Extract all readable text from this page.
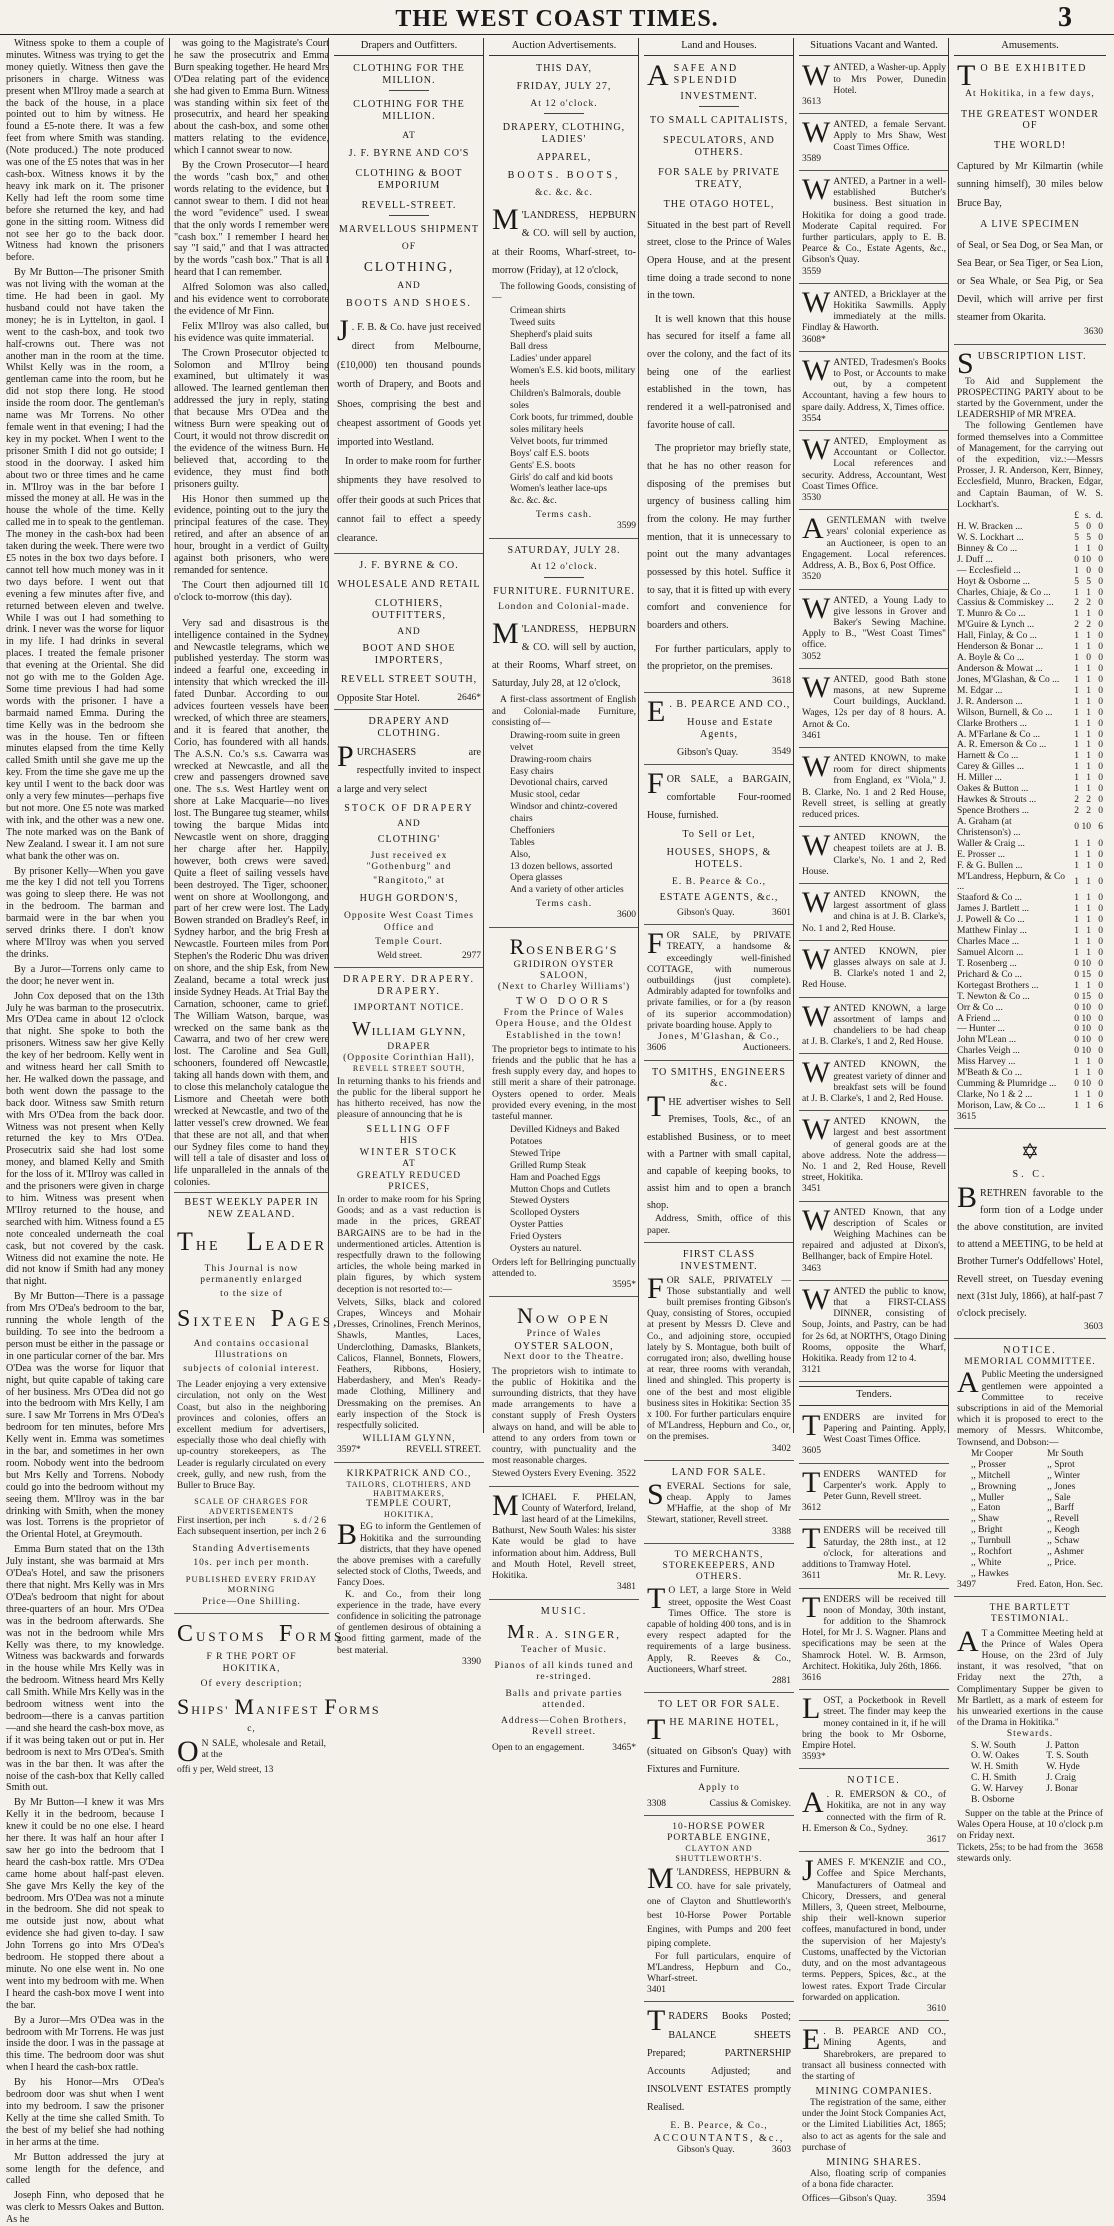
THE WEST COAST TIMES.	3

Witness spoke to them a couple of minutes. Witness was trying to get the money quietly. Witness then gave the prisoners in charge. Witness was present when M'Ilroy made a search at the back of the house, in a place pointed out to him by witness. He found a £5-note there. It was a few feet from where Smith was standing. (Note produced.) The note produced was one of the £5 notes that was in her cash-box. Witness knows it by the heavy ink mark on it. The prisoner Kelly had left the room some time before she returned the key, and had gone in the sitting room. Witness did not see her go to the back door. Witness had known the prisoners before.

By Mr Button—The prisoner Smith was not living with the woman at the time. He had been in gaol. My husband could not have taken the money; he is in Lyttelton, in gaol. I went to the cash-box, and took two half-crowns out. There was not another man in the room at the time. Whilst Kelly was in the room, a gentleman came into the room, but he did not stop there long. He stood inside the room door. The gentleman's name was Mr Torrens. No other female went in that evening; I had the key in my pocket. When I went to the prisoner Smith I did not go outside; I stood in the doorway. I asked him about two or three times and he came in. M'Ilroy was in the bar before I missed the money at all. He was in the house the whole of the time. Kelly called me in to speak to the gentleman. The money in the cash-box had been taken during the week. There were two £5 notes in the box two days before. I cannot tell how much money was in it two days before. I went out that evening a few minutes after five, and returned between eleven and twelve. While I was out I had something to drink. I never was the worse for liquor in my life. I had drinks in several places. I treated the female prisoner that evening at the Oriental. She did not go with me to the Golden Age. Some time previous I had had some words with the prisoner. I have a barmaid named Emma. During the time Kelly was in the bedroom she was in the house. Ten or fifteen minutes elapsed from the time Kelly called Smith until she gave me up the key. From the time she gave me up the key until I went to the back door was only a very few minutes—perhaps five but not more. One £5 note was marked with ink, and the other was a new one. The note marked was on the Bank of New Zealand. I swear it. I am not sure what bank the other was on.

By prisoner Kelly—When you gave me the key I did not tell you Torrens was going to sleep there. He was not in the bedroom. The barman and barmaid were in the bar when you served drinks there. I don't know where M'Ilroy was when you served the drinks.

By a Juror—Torrens only came to the door; he never went in.

John Cox deposed that on the 13th July he was barman to the prosecutrix. Mrs O'Dea came in about 12 o'clock that night. She spoke to both the prisoners. Witness saw her give Kelly the key of her bedroom. Kelly went in and witness heard her call Smith to her. He walked down the passage, and both went down the passage to the back door. Witness saw Smith return with Mrs O'Dea from the back door. Witness was not present when Kelly returned the key to Mrs O'Dea. Prosecutrix said she had lost some money, and blamed Kelly and Smith for the loss of it. M'Ilroy was called in and the prisoners were given in charge to him. Witness was present when M'Ilroy returned to the house, and searched with him. Witness found a £5 note concealed underneath the coal cask, but not covered by the cask. Witness did not examine the note. He did not know if Smith had any money that night.

By Mr Button—There is a passage from Mrs O'Dea's bedroom to the bar, running the whole length of the building. To see into the bedroom a person must be either in the passage or in one particular corner of the bar. Mrs O'Dea was the worse for liquor that night, but quite capable of taking care of her business. Mrs O'Dea did not go into the bedroom with Mrs Kelly, I am sure. I saw Mr Torrens in Mrs O'Dea's bedroom for ten minutes, before Mrs Kelly went in. Emma was sometimes in the bar, and sometimes in her own room. Nobody went into the bedroom but Mrs Kelly and Torrens. Nobody could go into the bedroom without my seeing them. M'Ilroy was in the bar drinking with Smith, when the money was lost. Torrens is the proprietor of the Oriental Hotel, at Greymouth.

Emma Burn stated that on the 13th July instant, she was barmaid at Mrs O'Dea's Hotel, and saw the prisoners there that night. Mrs Kelly was in Mrs O'Dea's bedroom that night for about three-quarters of an hour. Mrs O'Dea was in the bedroom afterwards. She was not in the bedroom while Mrs Kelly was there, to my knowledge. Witness was backwards and forwards in the house while Mrs Kelly was in the bedroom. Witness heard Mrs Kelly call Smith. While Mrs Kelly was in the bedroom witness went into the bedroom—there is a canvas partition—and she heard the cash-box move, as if it was being taken out or put in. Her bedroom is next to Mrs O'Dea's. Smith was in the bar then. It was after the noise of the cash-box that Kelly called Smith out.

By Mr Button—I knew it was Mrs Kelly it in the bedroom, because I knew it could be no one else. I heard her there. It was half an hour after I saw her go into the bedroom that I heard the cash-box rattle. Mrs O'Dea came home about half-past eleven. She gave Mrs Kelly the key of the bedroom. Mrs O'Dea was not a minute in the bedroom. She did not speak to me outside just now, about what evidence she had given to-day. I saw John Torrens go into Mrs O'Dea's bedroom. He stopped there about a minute. No one else went in. No one went into my bedroom with me. When I heard the cash-box move I went into the bar.

By a Juror—Mrs O'Dea was in the bedroom with Mr Torrens. He was just inside the door. I was in the passage at this time. The bedroom door was shut when I heard the cash-box rattle.

By his Honor—Mrs O'Dea's bedroom door was shut when I went into my bedroom. I saw the prisoner Kelly at the time she called Smith. To the best of my belief she had nothing in her arms at the time.

Mr Button addressed the jury at some length for the defence, and called

Joseph Finn, who deposed that he was clerk to Messrs Oakes and Button. As he

was going to the Magistrate's Court he saw the prosecutrix and Emma Burn speaking together. He heard Mrs O'Dea relating part of the evidence she had given to Emma Burn. Witness was standing within six feet of the prosecutrix, and heard her speaking about the cash-box, and some other matters relating to the evidence, which I cannot swear to now.

By the Crown Prosecutor—I heard the words "cash box," and other words relating to the evidence, but I cannot swear to them. I did not hear the word "evidence" used. I swear that the only words I remember were "cash box." I remember I heard her say "I said," and that I was attracted by the words "cash box." That is all I heard that I can remember.

Alfred Solomon was also called, and his evidence went to corroborate the evidence of Mr Finn.

Felix M'Ilroy was also called, but his evidence was quite immaterial.

The Crown Prosecutor objected to Solomon and M'Ilroy being examined, but ultimately it was allowed. The learned gentleman then addressed the jury in reply, stating that because Mrs O'Dea and the witness Burn were speaking out of Court, it would not throw discredit on the evidence of the witness Burn. He believed that, according to the evidence, they must find both prisoners guilty.

His Honor then summed up the evidence, pointing out to the jury the principal features of the case. They retired, and after an absence of an hour, brought in a verdict of Guilty against both prisoners, who were remanded for sentence.

The Court then adjourned till 10 o'clock to-morrow (this day).

Very sad and disastrous is the intelligence contained in the Sydney and Newcastle telegrams, which we published yesterday. The storm was indeed a fearful one, exceeding in intensity that which wrecked the ill-fated Dunbar. According to our advices fourteen vessels have been wrecked, of which three are steamers, and it is feared that another, the Corio, has foundered with all hands. The A.S.N. Co.'s s.s. Cawarra was wrecked at Newcastle, and all the crew and passengers drowned save one. The s.s. West Hartley went on shore at Lake Macquarie—no lives lost. The Bungaree tug steamer, whilst towing the barque Midas into Newcastle went on shore, dragging her charge after her. Happily, however, both crews were saved. Quite a fleet of sailing vessels have been destroyed. The Tiger, schooner, went on shore at Woollongong, and part of her crew were lost. The Lady Bowen stranded on Bradley's Reef, in Sydney harbor, and the brig Fresh at Newcastle. Fourteen miles from Port Stephen's the Roderic Dhu was driven on shore, and the ship Esk, from New Zealand, became a total wreck just inside Sydney Heads. At Trial Bay the Carnation, schooner, came to grief. The William Watson, barque, was wrecked on the same bank as the Cawarra, and two of her crew were lost. The Caroline and Sea Gull, schooners, foundered off Newcastle, taking all hands down with them, and to close this melancholy catalogue the Lismore and Cheetah were both wrecked at Newcastle, and two of the latter vessel's crew drowned. We fear that these are not all, and that when our Sydney files come to hand they will tell a tale of disaster and loss of life unparalleled in the annals of the colonies.

BEST WEEKLY PAPER IN NEW ZEALAND.
THE LEADER
This Journal is now permanently enlarged
to the size of
SIXTEEN PAGES,
And contains occasional Illustrations on
subjects of colonial interest.
The Leader enjoying a very extensive circulation, not only on the West Coast, but also in the neighboring provinces and colonies, offers an excellent medium for advertisers, especially those who deal chiefly with up-country storekeepers, as The Leader is regularly circulated on every creek, gully, and new rush, from the Buller to Bruce Bay.
SCALE OF CHARGES FOR ADVERTISEMENTS
First insertion, per inch	s. d / 2 6
Each subsequent insertion, per inch 2 6
Standing Advertisements
10s. per inch per month.
PUBLISHED EVERY FRIDAY MORNING
Price—One Shilling.
CUSTOMS FORMS
F R THE PORT OF HOKITIKA,
Of every description;
SHIPS' MANIFEST FORMS
c,
O N SALE, wholesale and Retail, at the
offi y per, Weld street, 13
Drapers and Outfitters.
CLOTHING FOR THE MILLION.
CLOTHING FOR THE MILLION.
AT
J. F. BYRNE AND CO'S
CLOTHING & BOOT EMPORIUM
REVELL-STREET.
MARVELLOUS SHIPMENT
OF
CLOTHING,
AND
BOOTS AND SHOES.
J . F. B. & Co. have just received direct from Melbourne, (£10,000) ten thousand pounds worth of Drapery, and Boots and Shoes, comprising the best and cheapest assortment of Goods yet imported into Westland.
In order to make room for further shipments they have resolved to offer their goods at such Prices that cannot fail to effect a speedy clearance.
J. F. BYRNE & CO.
WHOLESALE AND RETAIL
CLOTHIERS, OUTFITTERS,
AND
BOOT AND SHOE IMPORTERS,
REVELL STREET SOUTH,
Opposite Star Hotel.	2646*
DRAPERY AND CLOTHING.
PURCHASERS are respectfully invited to inspect a large and very select
STOCK OF DRAPERY
AND
CLOTHING'
Just received ex "Gothenburg" and
"Rangitoto," at
HUGH GORDON'S,
Opposite West Coast Times Office and
Temple Court.
Weld street.	2977
DRAPERY. DRAPERY.
DRAPERY.
IMPORTANT NOTICE.
WILLIAM GLYNN,
DRAPER
(Opposite Corinthian Hall),
REVELL STREET SOUTH,
In returning thanks to his friends and the public for the liberal support he has hitherto received, has now the pleasure of announcing that he is
SELLING OFF
HIS
WINTER STOCK
AT
GREATLY REDUCED PRICES,
In order to make room for his Spring Goods; and as a vast reduction is made in the prices, GREAT BARGAINS are to be had in the undermentioned articles. Attention is respectfully drawn to the following articles, the whole being marked in plain figures, by which system deception is not resorted to:—
Velvets, Silks, black and colored Crapes, Winceys and Mohair Dresses, Crinolines, French Merinos, Shawls, Mantles, Laces, Underclothing, Damasks, Blankets, Calicos, Flannel, Bonnets, Flowers, Feathers, Ribbons, Hosiery, Haberdashery, and Men's Ready-made Clothing, Millinery and Dressmaking on the premises. An early inspection of the Stock is respectfully solicited.
WILLIAM GLYNN,
3597*	REVELL STREET.
KIRKPATRICK AND CO.,
TAILORS, CLOTHIERS, AND HABITMAKERS,
TEMPLE COURT,
HOKITIKA,
BEG to inform the Gentlemen of Hokitika and the surrounding districts, that they have opened the above premises with a carefully selected stock of Cloths, Tweeds, and Fancy Does.
K. and Co., from their long experience in the trade, have every confidence in soliciting the patronage of gentlemen desirous of obtaining a good fitting garment, made of the best material.
3390
Auction Advertisements.
THIS DAY,
FRIDAY, JULY 27,
At 12 o'clock.
DRAPERY, CLOTHING, LADIES'
APPAREL,
BOOTS. BOOTS,
&c. &c. &c.
M 'LANDRESS, HEPBURN & CO. will sell by auction, at their Rooms, Wharf-street, to-morrow (Friday), at 12 o'clock,
The following Goods, consisting of—
Crimean shirts
Tweed suits
Shepherd's plaid suits
Ball dress
Ladies' under apparel
Women's E.S. kid boots, military heels
Children's Balmorals, double soles
Cork boots, fur trimmed, double soles military heels
Velvet boots, fur trimmed
Boys' calf E.S. boots
Gents' E.S. boots
Girls' do calf and kid boots
Women's leather lace-ups
&c. &c. &c.
Terms cash.
3599
SATURDAY, JULY 28.
At 12 o'clock.
FURNITURE. FURNITURE.
London and Colonial-made.
M 'LANDRESS, HEPBURN & CO. will sell by auction, at their Rooms, Wharf street, on Saturday, July 28, at 12 o'clock,
A first-class assortment of English and Colonial-made Furniture, consisting of—
Drawing-room suite in green velvet
Drawing-room chairs
Easy chairs
Devotional chairs, carved
Music stool, cedar
Windsor and chintz-covered chairs
Cheffoniers
Tables
Also,
13 dozen bellows, assorted
Opera glasses
And a variety of other articles
Terms cash.
3600
ROSENBERG'S
GRIDIRON OYSTER SALOON,
(Next to Charley Williams')
TWO DOORS
From the Prince of Wales Opera House, and the Oldest Established in the town!
The proprietor begs to intimate to his friends and the public that he has a fresh supply every day, and hopes to still merit a share of their patronage. Oysters opened to order. Meals provided every evening, in the most tasteful manner.
Devilled Kidneys and Baked Potatoes
Stewed Tripe
Grilled Rump Steak
Ham and Poached Eggs
Mutton Chops and Cutlets
Stewed Oysters
Scolloped Oysters
Oyster Patties
Fried Oysters
Oysters au naturel.
Orders left for Bellringing punctually attended to.
3595*
NOW OPEN
Prince of Wales
OYSTER SALOON,
Next door to the Theatre.
The proprietors wish to intimate to the public of Hokitika and the surrounding districts, that they have made arrangements to have a constant supply of Fresh Oysters always on hand, and will be able to attend to any orders from town or country, with punctuality and the most reasonable charges.
Stewed Oysters Every Evening. 3522
MICHAEL F. PHELAN, County of Waterford, Ireland, last heard of at the Limekilns, Bathurst, New South Wales: his sister Kate would be glad to have information about him. Address, Bull and Mouth Hotel, Revell street, Hokitika.
3481
MUSIC.
MR. A. SINGER,
Teacher of Music.
Pianos of all kinds tuned and re-stringed.
Balls and private parties attended.
Address—Cohen Brothers, Revell street.
Open to an engagement.	3465*
Land and Houses.
ASAFE AND SPLENDID
INVESTMENT.
TO SMALL CAPITALISTS,
SPECULATORS, AND OTHERS.
FOR SALE by PRIVATE TREATY,
THE OTAGO HOTEL,
Situated in the best part of Revell street, close to the Prince of Wales Opera House, and at the present time doing a trade second to none in the town.
It is well known that this house has secured for itself a fame all over the colony, and the fact of its being one of the earliest established in the town, has rendered it a well-patronised and favorite house of call.
The proprietor may briefly state, that he has no other reason for disposing of the premises but urgency of business calling him from the colony. He may further mention, that it is unnecessary to point out the many advantages possessed by this hotel. Suffice it to say, that it is fitted up with every comfort and convenience for boarders and others.
For further particulars, apply to the proprietor, on the premises.
3618
E . B. PEARCE AND CO.,
House and Estate Agents,
Gibson's Quay.	3549
FOR SALE, a BARGAIN, comfortable Four-roomed House, furnished.
To Sell or Let,
HOUSES, SHOPS, & HOTELS.
E. B. Pearce & Co.,
ESTATE AGENTS, &c.,
Gibson's Quay.	3601
FOR SALE, by PRIVATE TREATY, a handsome & exceedingly well-finished COTTAGE, with numerous outbuildings (just complete). Admirably adapted for townfolks and private families, or for a (by reason of its superior accommodation) private boarding house. Apply to
Jones, M'Glashan, & Co.,
3606	Auctioneers.
TO SMITHS, ENGINEERS &c.
THE advertiser wishes to Sell Premises, Tools, &c., of an established Business, or to meet with a Partner with small capital, and capable of keeping books, to assist him and to open a branch shop.
Address, Smith, office of this paper.
FIRST CLASS INVESTMENT.
FOR SALE, PRIVATELY — Those substantially and well built premises fronting Gibson's Quay, consisting of Stores, occupied at present by Messrs D. Cleve and Co., and adjoining store, occupied lately by S. Montague, both built of corrugated iron; also, dwelling house at rear, three rooms with verandah, lined and shingled. This property is one of the best and most eligible business sites in Hokitika: Section 35 x 100. For further particulars enquire of M'Landress, Hepburn and Co., or, on the premises.
3402
LAND FOR SALE.
SEVERAL Sections for sale, cheap. Apply to James M'Haffie, at the shop of Mr Stewart, stationer, Revell street.
3388
TO MERCHANTS, STOREKEEPERS, AND OTHERS.
T O LET, a large Store in Weld street, opposite the West Coast Times Office. The store is capable of holding 400 tons, and is in every respect adapted for the requirements of a large business. Apply, R. Reeves & Co., Auctioneers, Wharf street.
2881
TO LET OR FOR SALE.
THE MARINE HOTEL,
(situated on Gibson's Quay) with Fixtures and Furniture.
Apply to
3308	Cassius & Comiskey.
10-HORSE POWER PORTABLE ENGINE,
CLAYTON AND SHUTTLEWORTH'S.
M 'LANDRESS, HEPBURN & CO. have for sale privately, one of Clayton and Shuttleworth's best 10-Horse Power Portable Engines, with Pumps and 200 feet piping complete.
For full particulars, enquire of M'Landress, Hepburn and Co., Wharf-street.
3401
TRADERS Books Posted; BALANCE SHEETS Prepared; PARTNERSHIP Accounts Adjusted; and INSOLVENT ESTATES promptly Realised.
E. B. Pearce, & Co.,
ACCOUNTANTS, &c.,
Gibson's Quay.	3603
Situations Vacant and Wanted.
WANTED, a Washer-up. Apply to Mrs Power, Dunedin Hotel.
3613
WANTED, a female Servant. Apply to Mrs Shaw, West Coast Times Office.
3589
WANTED, a Partner in a well-established Butcher's business. Best situation in Hokitika for doing a good trade. Moderate Capital required. For further particulars, apply to E. B. Pearce & Co., Estate Agents, &c., Gibson's Quay.
3559
WANTED, a Bricklayer at the Hokitika Sawmills. Apply immediately at the mills. Findlay & Haworth.
3608*
WANTED, Tradesmen's Books to Post, or Accounts to make out, by a competent Accountant, having a few hours to spare daily. Address, X, Times office.
3554
WANTED, Employment as Accountant or Collector. Local references and security. Address, Accountant, West Coast Times Office.
3530
A GENTLEMAN with twelve years' colonial experience as an Auctioneer, is open to an Engagement. Local references. Address, A. B., Box 6, Post Office.
3520
WANTED, a Young Lady to give lessons in Grover and Baker's Sewing Machine. Apply to B., "West Coast Times" office.
3052
WANTED, good Bath stone masons, at new Supreme Court buildings, Auckland. Wages, 12s per day of 8 hours. A. Arnot & Co.
3461
WANTED KNOWN, to make room for direct shipments from England, ex "Viola," J. B. Clarke, No. 1 and 2 Red House, Revell street, is selling at greatly reduced prices.
WANTED KNOWN, the cheapest toilets are at J. B. Clarke's, No. 1 and 2, Red House.
WANTED KNOWN, the largest assortment of glass and china is at J. B. Clarke's, No. 1 and 2, Red House.
WANTED KNOWN, pier glasses always on sale at J. B. Clarke's noted 1 and 2, Red House.
WANTED KNOWN, a large assortment of lamps and chandeliers to be had cheap at J. B. Clarke's, 1 and 2, Red House.
WANTED KNOWN, the greatest variety of dinner and breakfast sets will be found at J. B. Clarke's, 1 and 2, Red House.
WANTED KNOWN, the largest and best assortment of general goods are at the above address. Note the address—No. 1 and 2, Red House, Revell street, Hokitika.
3451
WANTED Known, that any description of Scales or Weighing Machines can be repaired and adjusted at Dixon's, Bellhanger, back of Empire Hotel.
3463
WANTED the public to know, that a FIRST-CLASS DINNER, consisting of Soup, Joints, and Pastry, can be had for 2s 6d, at NORTH'S, Otago Dining Rooms, opposite the Wharf, Hokitika. Ready from 12 to 4.
3121
Tenders.
TENDERS are invited for Papering and Painting. Apply, West Coast Times Office.
3605
TENDERS WANTED for Carpenter's work. Apply to Peter Gunn, Revell street.
3612
TENDERS will be received till Saturday, the 28th inst., at 12 o'clock, for alterations and additions to Tramway Hotel.
3611	Mr. R. Levy.
TENDERS will be received till noon of Monday, 30th instant, for addition to the Shamrock Hotel, for Mr J. S. Wagner. Plans and specifications may be seen at the Shamrock Hotel. W. B. Armson, Architect. Hokitika, July 26th, 1866.
3616
LOST, a Pocketbook in Revell street. The finder may keep the money contained in it, if he will bring the book to Mr Osborne, Empire Hotel.
3593*
NOTICE.
A . R. EMERSON & CO., of Hokitika, are not in any way connected with the firm of R. H. Emerson & Co., Sydney.
3617
JAMES F. M'KENZIE and CO., Coffee and Spice Merchants, Manufacturers of Oatmeal and Chicory, Dressers, and general Millers, 3, Queen street, Melbourne, ship their well-known superior coffees, manufactured in bond, under the supervision of her Majesty's Customs, unaffected by the Victorian duty, and on the most advantageous terms. Peppers, Spices, &c., at the lowest rates. Export Trade Circular forwarded on application.
3610
E . B. PEARCE AND CO., Mining Agents, and Sharebrokers, are prepared to transact all business connected with the starting of
MINING COMPANIES.
The registration of the same, either under the Joint Stock Companies Act, or the Limited Liabilities Act, 1865; also to act as agents for the sale and purchase of
MINING SHARES.
Also, floating scrip of companies of a bona fide character.
Offices—Gibson's Quay.	3594
Amusements.
T O BE EXHIBITED
At Hokitika, in a few days,
THE GREATEST WONDER OF
THE WORLD!
Captured by Mr Kilmartin (while sunning himself), 30 miles below Bruce Bay,
A LIVE SPECIMEN
of Seal, or Sea Dog, or Sea Man, or Sea Bear, or Sea Tiger, or Sea Lion, or Sea Whale, or Sea Pig, or Sea Devil, which will arrive per first steamer from Okarita.
3630
SUBSCRIPTION LIST.
To Aid and Supplement the PROSPECTING PARTY about to be started by the Government, under the LEADERSHIP of MR M'REA.
The following Gentlemen have formed themselves into a Committee of Management, for the carrying out of the expedition, viz.:—Messrs Prosser, J. R. Anderson, Kerr, Binney, Ecclesfield, Munro, Bracken, Edgar, and Captain Bauman, of W. S. Lockhart's.
	£	s.	d.
H. W. Bracken ...	5	0	0
W. S. Lockhart ...	5	5	0
Binney & Co ...	1	1	0
J. Duff ...	0	10	0
— Ecclesfield ...	1	0	0
Hoyt & Osborne ...	5	5	0
Charles, Chiaje, & Co ...	1	1	0
Cassius & Commiskey ...	2	2	0
T. Munro & Co ...	1	1	0
M'Guire & Lynch ...	2	2	0
Hall, Finlay, & Co ...	1	1	0
Henderson & Bonar ...	1	1	0
A. Boyle & Co ...	1	0	0
Anderson & Mowat ...	1	1	0
Jones, M'Glashan, & Co ...	1	1	0
M. Edgar ...	1	1	0
J. R. Anderson ...	1	1	0
Wilson, Burnell, & Co ...	1	1	0
Clarke Brothers ...	1	1	0
A. M'Farlane & Co ...	1	1	0
A. R. Emerson & Co ...	1	1	0
Harnett & Co ...	1	1	0
Carey & Gilles ...	1	1	0
H. Miller ...	1	1	0
Oakes & Button ...	1	1	0
Hawkes & Strouts ...	2	2	0
Spence Brothers ...	2	2	0
A. Graham (at Christenson's) ...	0	10	6
Waller & Craig ...	1	1	0
E. Prosser ...	1	1	0
F. & G. Bullen ...	1	1	0
M'Landress, Hepburn, & Co ...	1	1	0
Staaford & Co ...	1	1	0
James J. Bartlett ...	1	1	0
J. Powell & Co ...	1	1	0
Matthew Finlay ...	1	1	0
Charles Mace ...	1	1	0
Samuel Alcorn ...	1	1	0
T. Rosenberg ...	0	10	0
Prichard & Co ...	0	15	0
Kortegast Brothers ...	1	1	0
T. Newton & Co ...	0	15	0
Orr & Co ...	0	10	0
A Friend ...	0	10	0
— Hunter ...	0	10	0
John M'Lean ...	0	10	0
Charles Veigh ...	0	10	0
Miss Harvey ...	1	1	0
M'Beath & Co ...	1	1	0
Cumming & Plumridge ...	0	10	0
Clarke, No 1 & 2 ...	1	1	0
Morison, Law, & Co ...	1	1	6
3615
✡
S. C.
BRETHREN favorable to the form tion of a Lodge under the above constitution, are invited to attend a MEETING, to be held at Brother Turner's Oddfellows' Hotel, Revell street, on Tuesday evening next (31st July, 1866), at half-past 7 o'clock precisely.
3603
NOTICE.
MEMORIAL COMMITTEE.
A Public Meeting the undersigned gentlemen were appointed a Committee to receive subscriptions in aid of the Memorial which it is proposed to erect to the memory of Messrs. Whitcombe, Townsend, and Dobson:—
Mr Cooper	Mr South
,, Prosser	,, Sprot
,, Mitchell	,, Winter
,, Browning	,, Jones
,, Muller	,, Sale
,, Eaton	,, Barff
,, Shaw	,, Revell
,, Bright	,, Keogh
,, Turnbull	,, Schaw
,, Rochfort	,, Ashmer
,, White	,, Price.
,, Hawkes	
3497	Fred. Eaton, Hon. Sec.
THE BARTLETT TESTIMONIAL.
A T a Committee Meeting held at the Prince of Wales Opera House, on the 23rd of July instant, it was resolved, "that on Friday next the 27th, a Complimentary Supper be given to Mr Bartlett, as a mark of esteem for his unwearied exertions in the cause of the Drama in Hokitika."
Stewards.
S. W. South	J. Patton
O. W. Oakes	T. S. South
W. H. Smith	W. Hyde
C. H. Smith	J. Craig
G. W. Harvey	J. Bonar
B. Osborne	
Supper on the table at the Prince of Wales Opera House, at 10 o'clock p.m on Friday next.
Tickets, 25s; to be had from the stewards only.
3658
